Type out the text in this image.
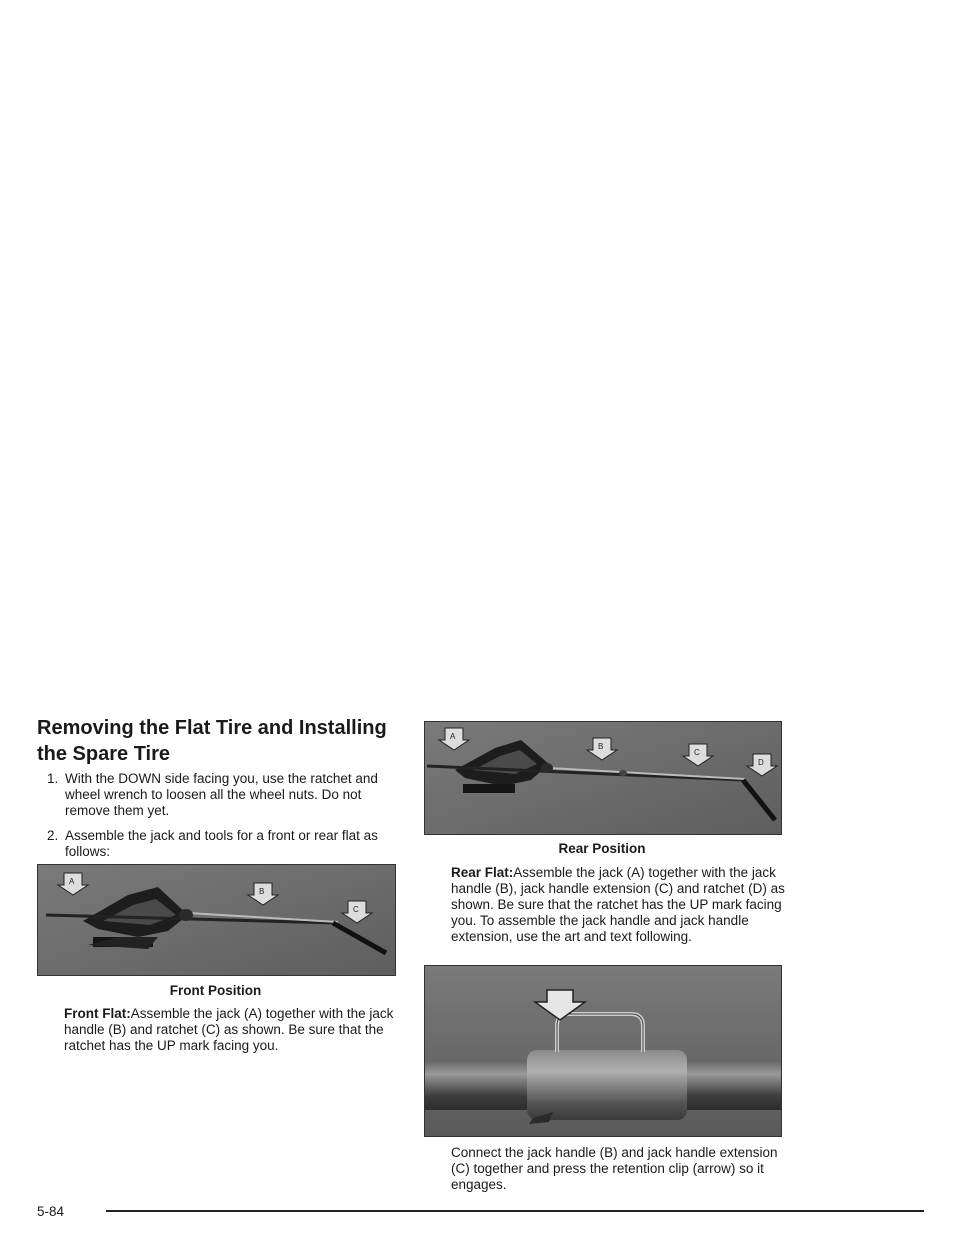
Removing the Flat Tire and Installing the Spare Tire
1. With the DOWN side facing you, use the ratchet and wheel wrench to loosen all the wheel nuts. Do not remove them yet.
2. Assemble the jack and tools for a front or rear flat as follows:
A
B
C
Front Position
Front Flat:Assemble the jack (A) together with the jack handle (B) and ratchet (C) as shown. Be sure that the ratchet has the UP mark facing you.
A
B
C
D
Rear Position
Rear Flat:Assemble the jack (A) together with the jack handle (B), jack handle extension (C) and ratchet (D) as shown. Be sure that the ratchet has the UP mark facing you. To assemble the jack handle and jack handle extension, use the art and text following.
Connect the jack handle (B) and jack handle extension (C) together and press the retention clip (arrow) so it engages.
5-84
